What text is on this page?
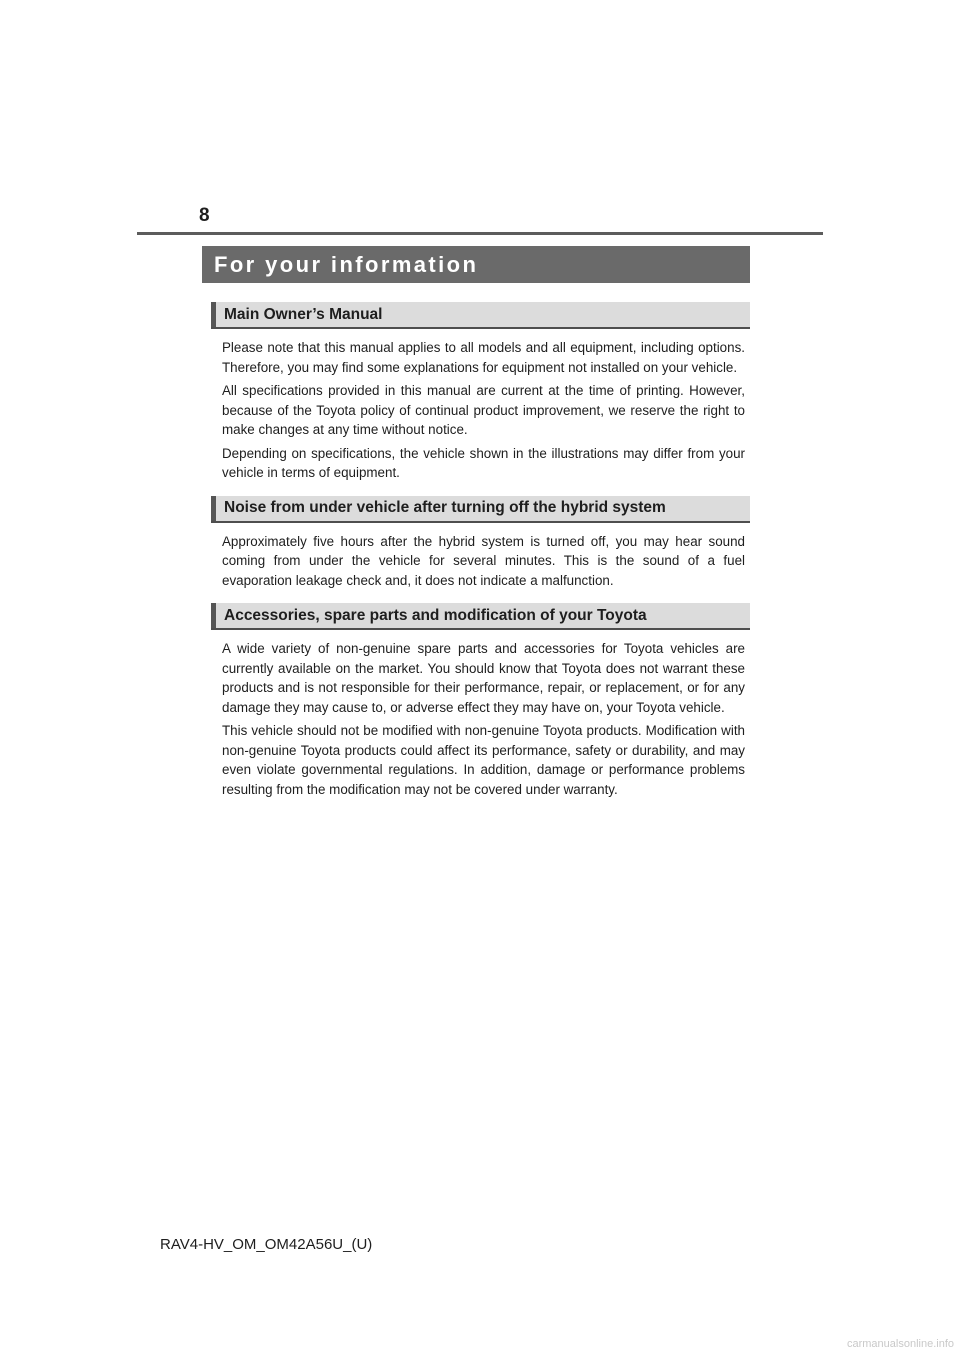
8
For your information
Main Owner’s Manual

Please note that this manual applies to all models and all equipment, including options. Therefore, you may find some explanations for equipment not installed on your vehicle.

All specifications provided in this manual are current at the time of printing. However, because of the Toyota policy of continual product improvement, we reserve the right to make changes at any time without notice.

Depending on specifications, the vehicle shown in the illustrations may differ from your vehicle in terms of equipment.

Noise from under vehicle after turning off the hybrid system

Approximately five hours after the hybrid system is turned off, you may hear sound coming from under the vehicle for several minutes. This is the sound of a fuel evaporation leakage check and, it does not indicate a malfunction.

Accessories, spare parts and modification of your Toyota

A wide variety of non-genuine spare parts and accessories for Toyota vehicles are currently available on the market. You should know that Toyota does not warrant these products and is not responsible for their performance, repair, or replacement, or for any damage they may cause to, or adverse effect they may have on, your Toyota vehicle.

This vehicle should not be modified with non-genuine Toyota products. Modification with non-genuine Toyota products could affect its performance, safety or durability, and may even violate governmental regulations. In addition, damage or performance problems resulting from the modification may not be covered under warranty.

RAV4-HV_OM_OM42A56U_(U)
carmanualsonline.info
